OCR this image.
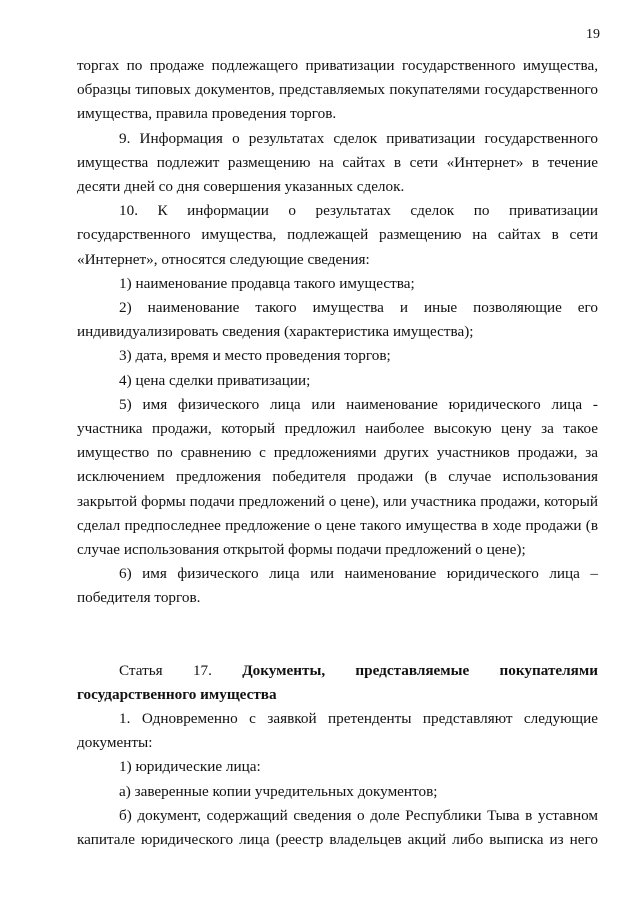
19

торгах по продаже подлежащего приватизации государственного имущества, образцы типовых документов, представляемых покупателями государственного имущества, правила проведения торгов.

9. Информация о результатах сделок приватизации государственного имущества подлежит размещению на сайтах в сети «Интернет» в течение десяти дней со дня совершения указанных сделок.

10. К информации о результатах сделок по приватизации государственного имущества, подлежащей размещению на сайтах в сети «Интернет», относятся следующие сведения:

1) наименование продавца такого имущества;

2) наименование такого имущества и иные позволяющие его индивидуализировать сведения (характеристика имущества);

3) дата, время и место проведения торгов;

4) цена сделки приватизации;

5) имя физического лица или наименование юридического лица - участника продажи, который предложил наиболее высокую цену за такое имущество по сравнению с предложениями других участников продажи, за исключением предложения победителя продажи (в случае использования закрытой формы подачи предложений о цене), или участника продажи, который сделал предпоследнее предложение о цене такого имущества в ходе продажи (в случае использования открытой формы подачи предложений о цене);

6) имя физического лица или наименование юридического лица – победителя торгов.

Статья 17. Документы, представляемые покупателями

государственного имущества

1. Одновременно с заявкой претенденты представляют следующие документы:

1) юридические лица:

а) заверенные копии учредительных документов;

б) документ, содержащий сведения о доле Республики Тыва в уставном капитале юридического лица (реестр владельцев акций либо выписка из него
